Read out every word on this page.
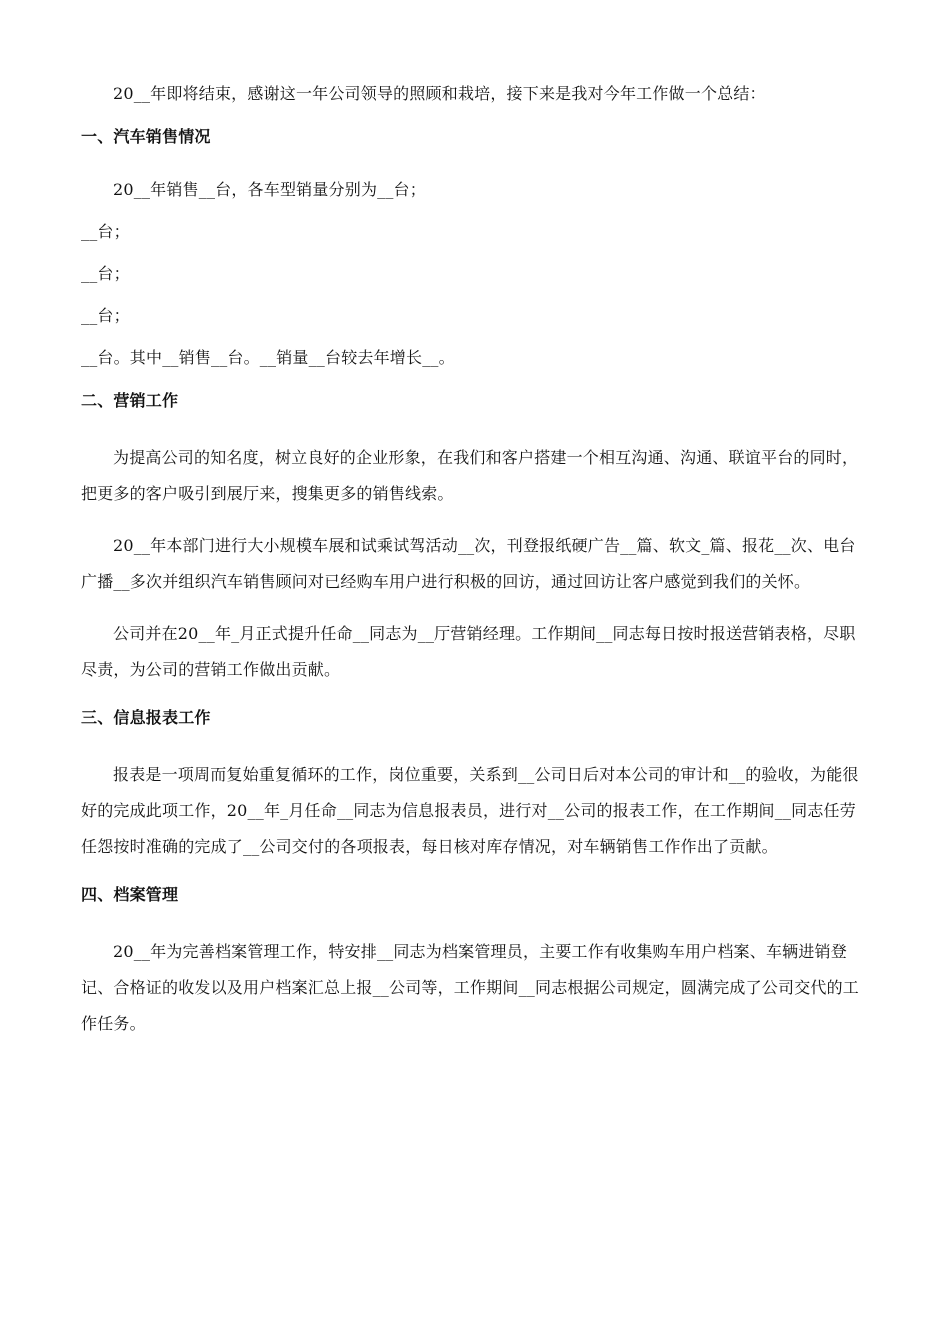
20__年即将结束，感谢这一年公司领导的照顾和栽培，接下来是我对今年工作做一个总结：

一、汽车销售情况

20__年销售__台，各车型销量分别为__台；

__台；

__台；

__台；

__台。其中__销售__台。__销量__台较去年增长__。

二、营销工作

为提高公司的知名度，树立良好的企业形象，在我们和客户搭建一个相互沟通、沟通、联谊平台的同时，把更多的客户吸引到展厅来，搜集更多的销售线索。

20__年本部门进行大小规模车展和试乘试驾活动__次，刊登报纸硬广告__篇、软文_篇、报花__次、电台广播__多次并组织汽车销售顾问对已经购车用户进行积极的回访，通过回访让客户感觉到我们的关怀。

公司并在20__年_月正式提升任命__同志为__厅营销经理。工作期间__同志每日按时报送营销表格，尽职尽责，为公司的营销工作做出贡献。

三、信息报表工作

报表是一项周而复始重复循环的工作，岗位重要，关系到__公司日后对本公司的审计和__的验收，为能很好的完成此项工作，20__年_月任命__同志为信息报表员，进行对__公司的报表工作，在工作期间__同志任劳任怨按时准确的完成了__公司交付的各项报表，每日核对库存情况，对车辆销售工作作出了贡献。

四、档案管理

20__年为完善档案管理工作，特安排__同志为档案管理员，主要工作有收集购车用户档案、车辆进销登记、合格证的收发以及用户档案汇总上报__公司等，工作期间__同志根据公司规定，圆满完成了公司交代的工作任务。
